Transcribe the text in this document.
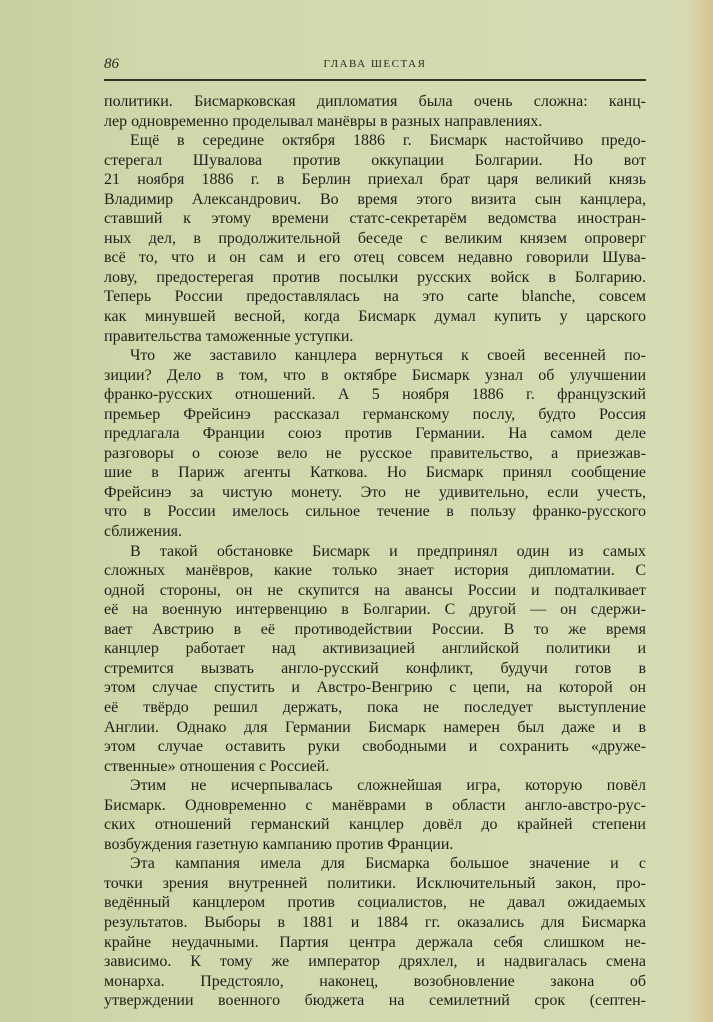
86	ГЛАВА ШЕСТАЯ
политики. Бисмарковская дипломатия была очень сложна: канц-
лер одновременно проделывал манёвры в разных направлениях.
Ещё в середине октября 1886 г. Бисмарк настойчиво предо-
стерегал Шувалова против оккупации Болгарии. Но вот
21 ноября 1886 г. в Берлин приехал брат царя великий князь
Владимир Александрович. Во время этого визита сын канцлера,
ставший к этому времени статс-секретарём ведомства иностран-
ных дел, в продолжительной беседе с великим князем опроверг
всё то, что и он сам и его отец совсем недавно говорили Шува-
лову, предостерегая против посылки русских войск в Болгарию.
Теперь России предоставлялась на это carte blanche, совсем
как минувшей весной, когда Бисмарк думал купить у царского
правительства таможенные уступки.
Что же заставило канцлера вернуться к своей весенней по-
зиции? Дело в том, что в октябре Бисмарк узнал об улучшении
франко-русских отношений. А 5 ноября 1886 г. французский
премьер Фрейсинэ рассказал германскому послу, будто Россия
предлагала Франции союз против Германии. На самом деле
разговоры о союзе вело не русское правительство, а приезжав-
шие в Париж агенты Каткова. Но Бисмарк принял сообщение
Фрейсинэ за чистую монету. Это не удивительно, если учесть,
что в России имелось сильное течение в пользу франко-русского
сближения.
В такой обстановке Бисмарк и предпринял один из самых
сложных манёвров, какие только знает история дипломатии. С
одной стороны, он не скупится на авансы России и подталкивает
её на военную интервенцию в Болгарии. С другой — он сдержи-
вает Австрию в её противодействии России. В то же время
канцлер работает над активизацией английской политики и
стремится вызвать англо-русский конфликт, будучи готов в
этом случае спустить и Австро-Венгрию с цепи, на которой он
её твёрдо решил держать, пока не последует выступление
Англии. Однако для Германии Бисмарк намерен был даже и в
этом случае оставить руки свободными и сохранить «друже-
ственные» отношения с Россией.
Этим не исчерпывалась сложнейшая игра, которую повёл
Бисмарк. Одновременно с манёврами в области англо-австро-рус-
ских отношений германский канцлер довёл до крайней степени
возбуждения газетную кампанию против Франции.
Эта кампания имела для Бисмарка большое значение и с
точки зрения внутренней политики. Исключительный закон, про-
ведённый канцлером против социалистов, не давал ожидаемых
результатов. Выборы в 1881 и 1884 гг. оказались для Бисмарка
крайне неудачными. Партия центра держала себя слишком не-
зависимо. К тому же император дряхлел, и надвигалась смена
монарха. Предстояло, наконец, возобновление закона об
утверждении военного бюджета на семилетний срок (септен-
